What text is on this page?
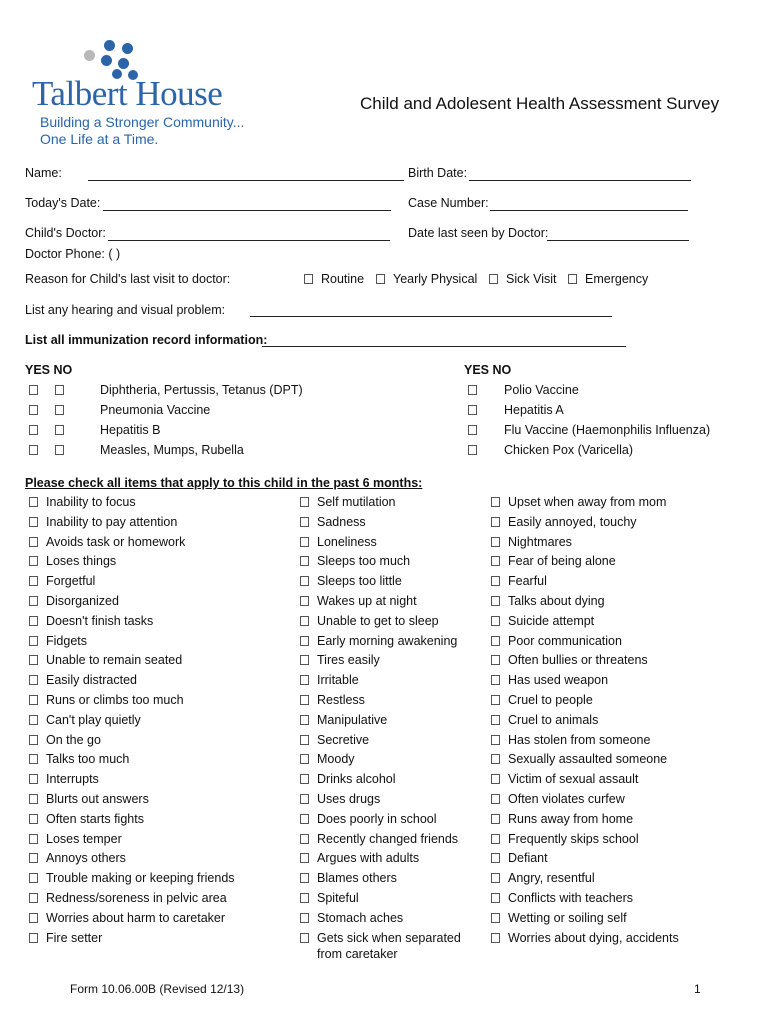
Talbert House
Building a Stronger Community...
One Life at a Time.
Child and Adolesent Health Assessment Survey
Name:	Birth Date:
Today's Date:	Case Number:
Child's Doctor:	Date last seen by Doctor:
Doctor Phone: ( )
Reason for Child's last visit to doctor:	Routine Yearly Physical Sick Visit Emergency
List any hearing and visual problem:
List all immunization record information:
YES NO	YES NO
Diphtheria, Pertussis, Tetanus (DPT)
Pneumonia Vaccine
Hepatitis B
Measles, Mumps, Rubella
Polio Vaccine
Hepatitis A
Flu Vaccine (Haemonphilis Influenza)
Chicken Pox (Varicella)
Please check all items that apply to this child in the past 6 months:
Inability to focus
Inability to pay attention
Avoids task or homework
Loses things
Forgetful
Disorganized
Doesn't finish tasks
Fidgets
Unable to remain seated
Easily distracted
Runs or climbs too much
Can't play quietly
On the go
Talks too much
Interrupts
Blurts out answers
Often starts fights
Loses temper
Annoys others
Trouble making or keeping friends
Redness/soreness in pelvic area
Worries about harm to caretaker
Fire setter
Self mutilation
Sadness
Loneliness
Sleeps too much
Sleeps too little
Wakes up at night
Unable to get to sleep
Early morning awakening
Tires easily
Irritable
Restless
Manipulative
Secretive
Moody
Drinks alcohol
Uses drugs
Does poorly in school
Recently changed friends
Argues with adults
Blames others
Spiteful
Stomach aches
Gets sick when separated
from caretaker
Upset when away from mom
Easily annoyed, touchy
Nightmares
Fear of being alone
Fearful
Talks about dying
Suicide attempt
Poor communication
Often bullies or threatens
Has used weapon
Cruel to people
Cruel to animals
Has stolen from someone
Sexually assaulted someone
Victim of sexual assault
Often violates curfew
Runs away from home
Frequently skips school
Defiant
Angry, resentful
Conflicts with teachers
Wetting or soiling self
Worries about dying, accidents
Form 10.06.00B (Revised 12/13)	1
